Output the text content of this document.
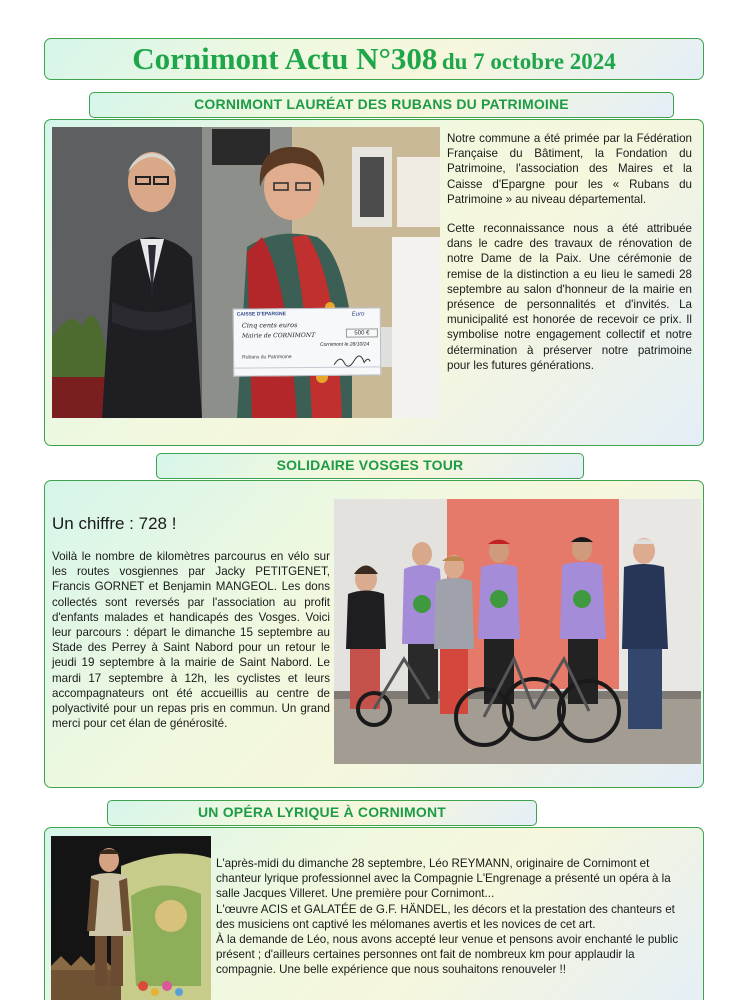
Cornimont Actu N°308 du 7 octobre 2024
CORNIMONT LAURÉAT DES RUBANS DU PATRIMOINE
CAISSE D'EPARGNE	Euro
Cinq cents euros
Mairie de CORNIMONT	500 €
Cornimont le 28/10/24
Rubans du Patrimoine

Notre commune a été primée par la Fédération Française du Bâtiment, la Fondation du Patrimoine, l'association des Maires et la Caisse d'Epargne pour les « Rubans du Patrimoine » au niveau départemental.

Cette reconnaissance nous a été attribuée dans le cadre des travaux de rénovation de notre Dame de la Paix. Une cérémonie de remise de la distinction a eu lieu le samedi 28 septembre au salon d'honneur de la mairie en présence de personnalités et d'invités. La municipalité est honorée de recevoir ce prix. Il symbolise notre engagement collectif et notre détermination à préserver notre patrimoine pour les futures générations.

SOLIDAIRE VOSGES TOUR
Un chiffre : 728 !
Voilà le nombre de kilomètres parcourus en vélo sur les routes vosgiennes par Jacky PETITGENET, Francis GORNET et Benjamin MANGEOL. Les dons collectés sont reversés par l'association au profit d'enfants malades et handicapés des Vosges. Voici leur parcours : départ le dimanche 15 septembre au Stade des Perrey à Saint Nabord pour un retour le jeudi 19 septembre à la mairie de Saint Nabord. Le mardi 17 septembre à 12h, les cyclistes et leurs accompagnateurs ont été accueillis au centre de polyactivité pour un repas pris en commun. Un grand merci pour cet élan de générosité.
UN OPÉRA LYRIQUE À CORNIMONT

L'après-midi du dimanche 28 septembre, Léo REYMANN, originaire de Cornimont et chanteur lyrique professionnel avec la Compagnie L'Engrenage a présenté un opéra à la salle Jacques Villeret. Une première pour Cornimont...

L'œuvre ACIS et GALATÉE de G.F. HÄNDEL, les décors et la prestation des chanteurs et des musiciens ont captivé les mélomanes avertis et les novices de cet art.

À la demande de Léo, nous avons accepté leur venue et pensons avoir enchanté le public présent ; d'ailleurs certaines personnes ont fait de nombreux km pour applaudir la compagnie. Une belle expérience que nous souhaitons renouveler !!
